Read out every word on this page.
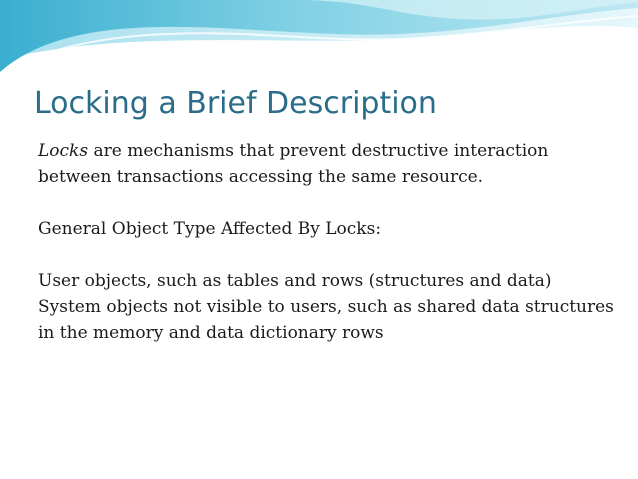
Locking a Brief Description

Locks are mechanisms that prevent destructive interaction between transactions accessing the same resource.

General Object Type Affected By Locks:

User objects, such as tables and rows (structures and data)

System objects not visible to users, such as shared data structures in the memory and data dictionary rows
